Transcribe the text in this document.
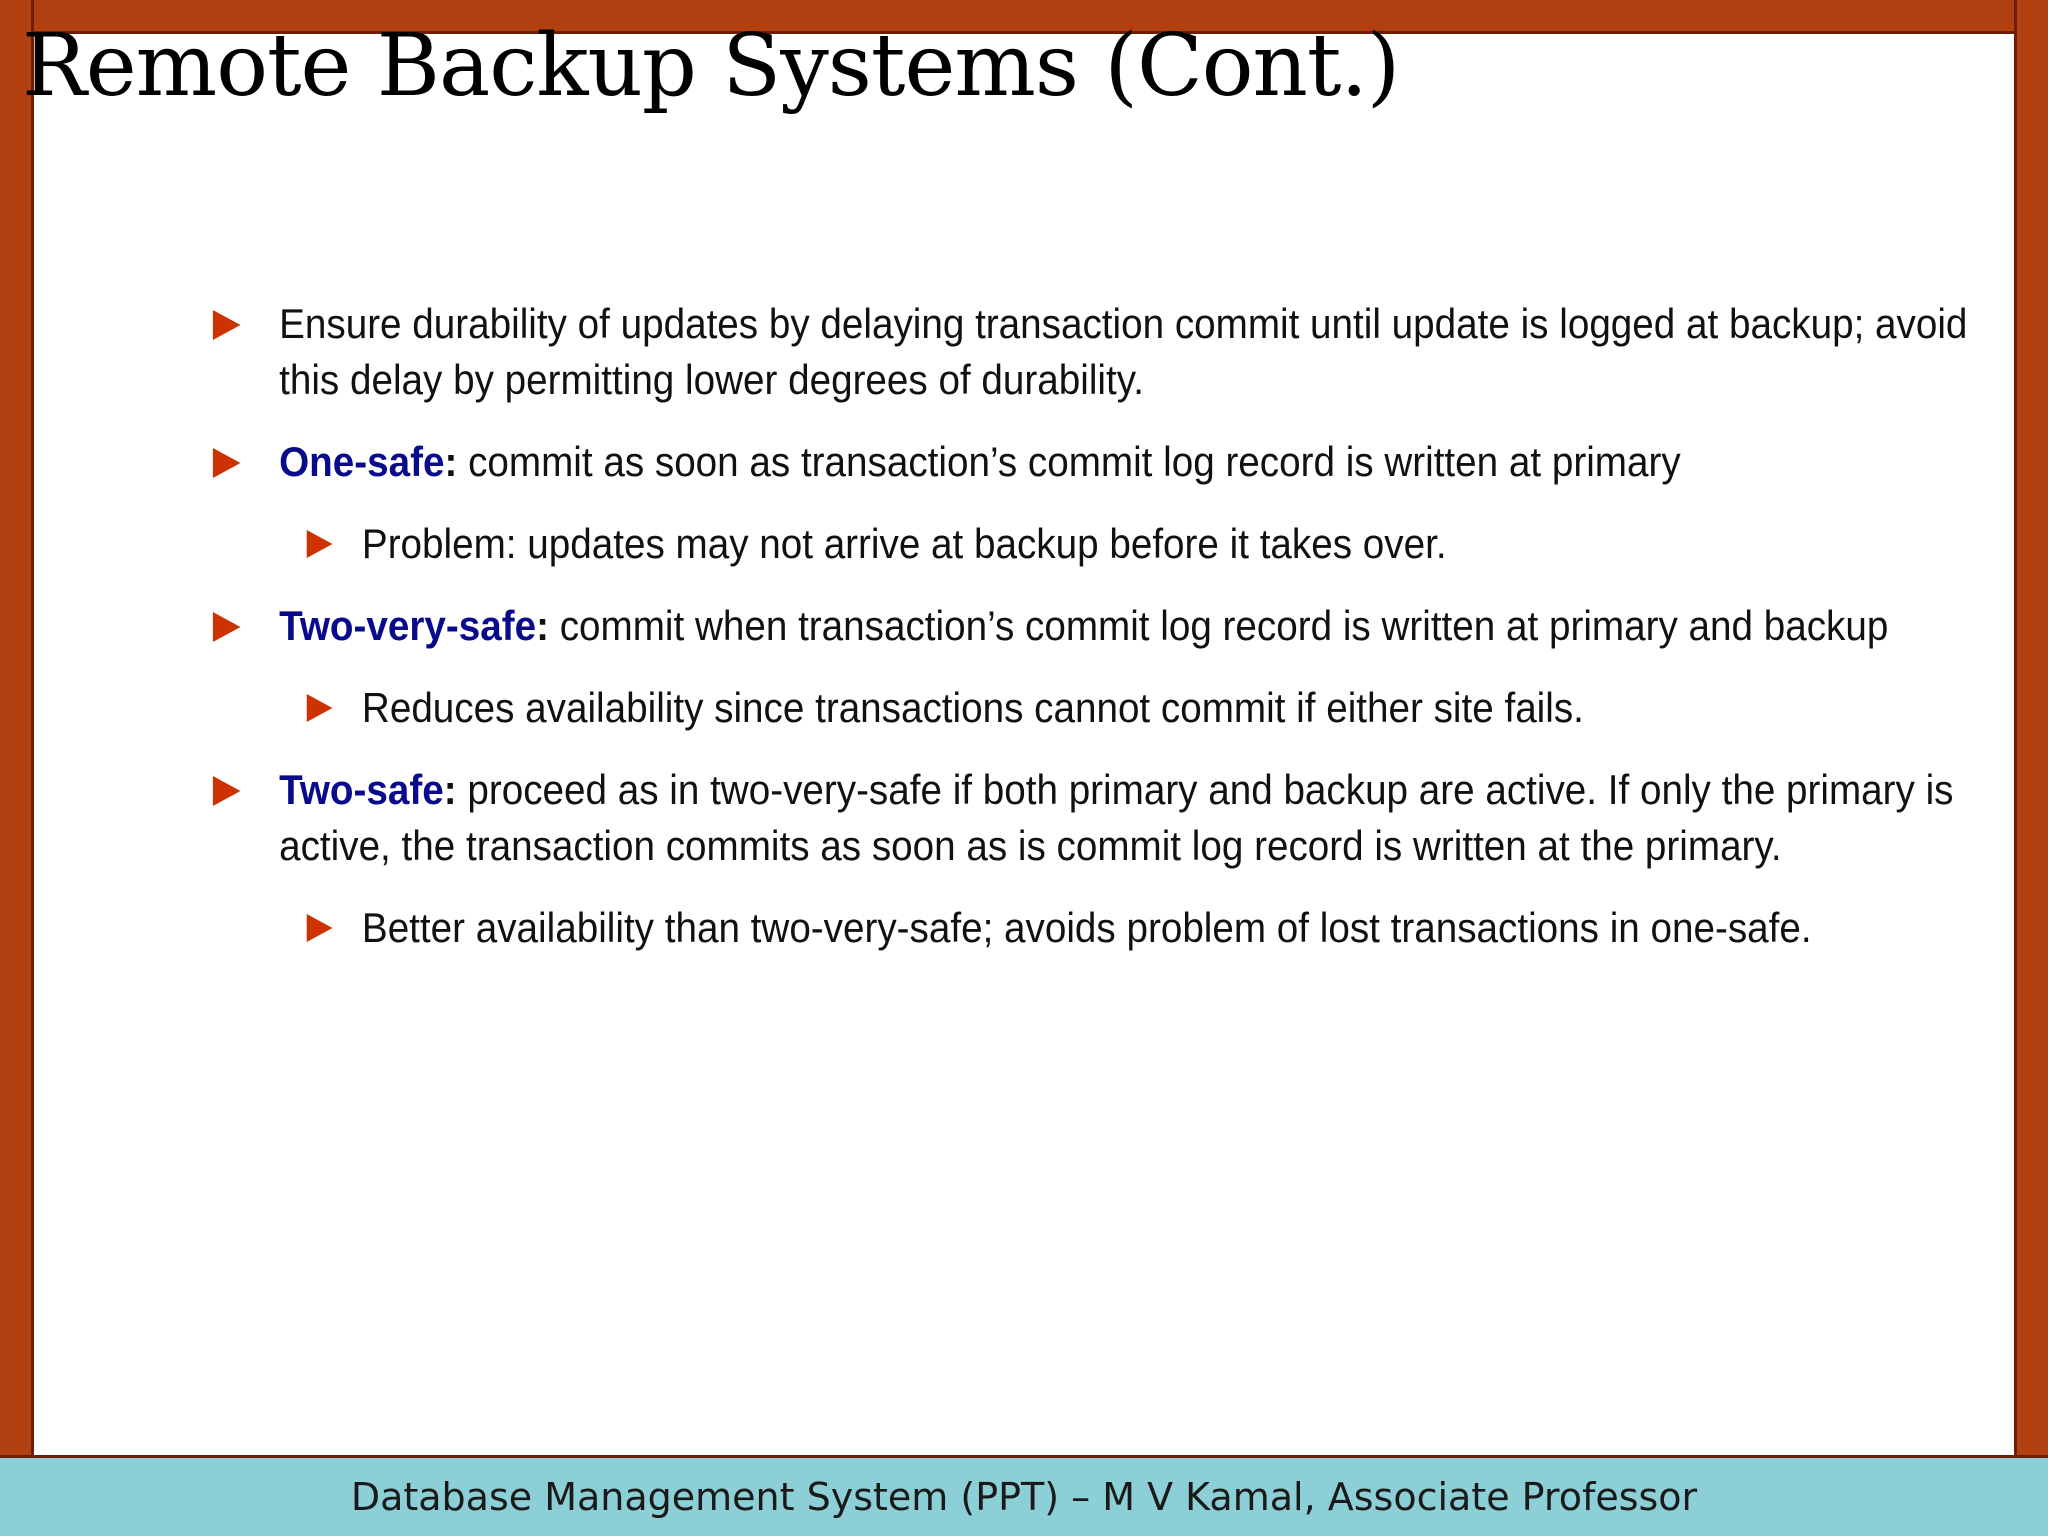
Remote Backup Systems (Cont.)
Ensure durability of updates by delaying transaction commit until update is logged at backup; avoid this delay by permitting lower degrees of durability.
One-safe: commit as soon as transaction’s commit log record is written at primary
Problem: updates may not arrive at backup before it takes over.
Two-very-safe: commit when transaction’s commit log record is written at primary and backup
Reduces availability since transactions cannot commit if either site fails.
Two-safe: proceed as in two-very-safe if both primary and backup are active. If only the primary is active, the transaction commits as soon as is commit log record is written at the primary.
Better availability than two-very-safe; avoids problem of lost transactions in one-safe.
Database Management System (PPT) – M V Kamal, Associate Professor
